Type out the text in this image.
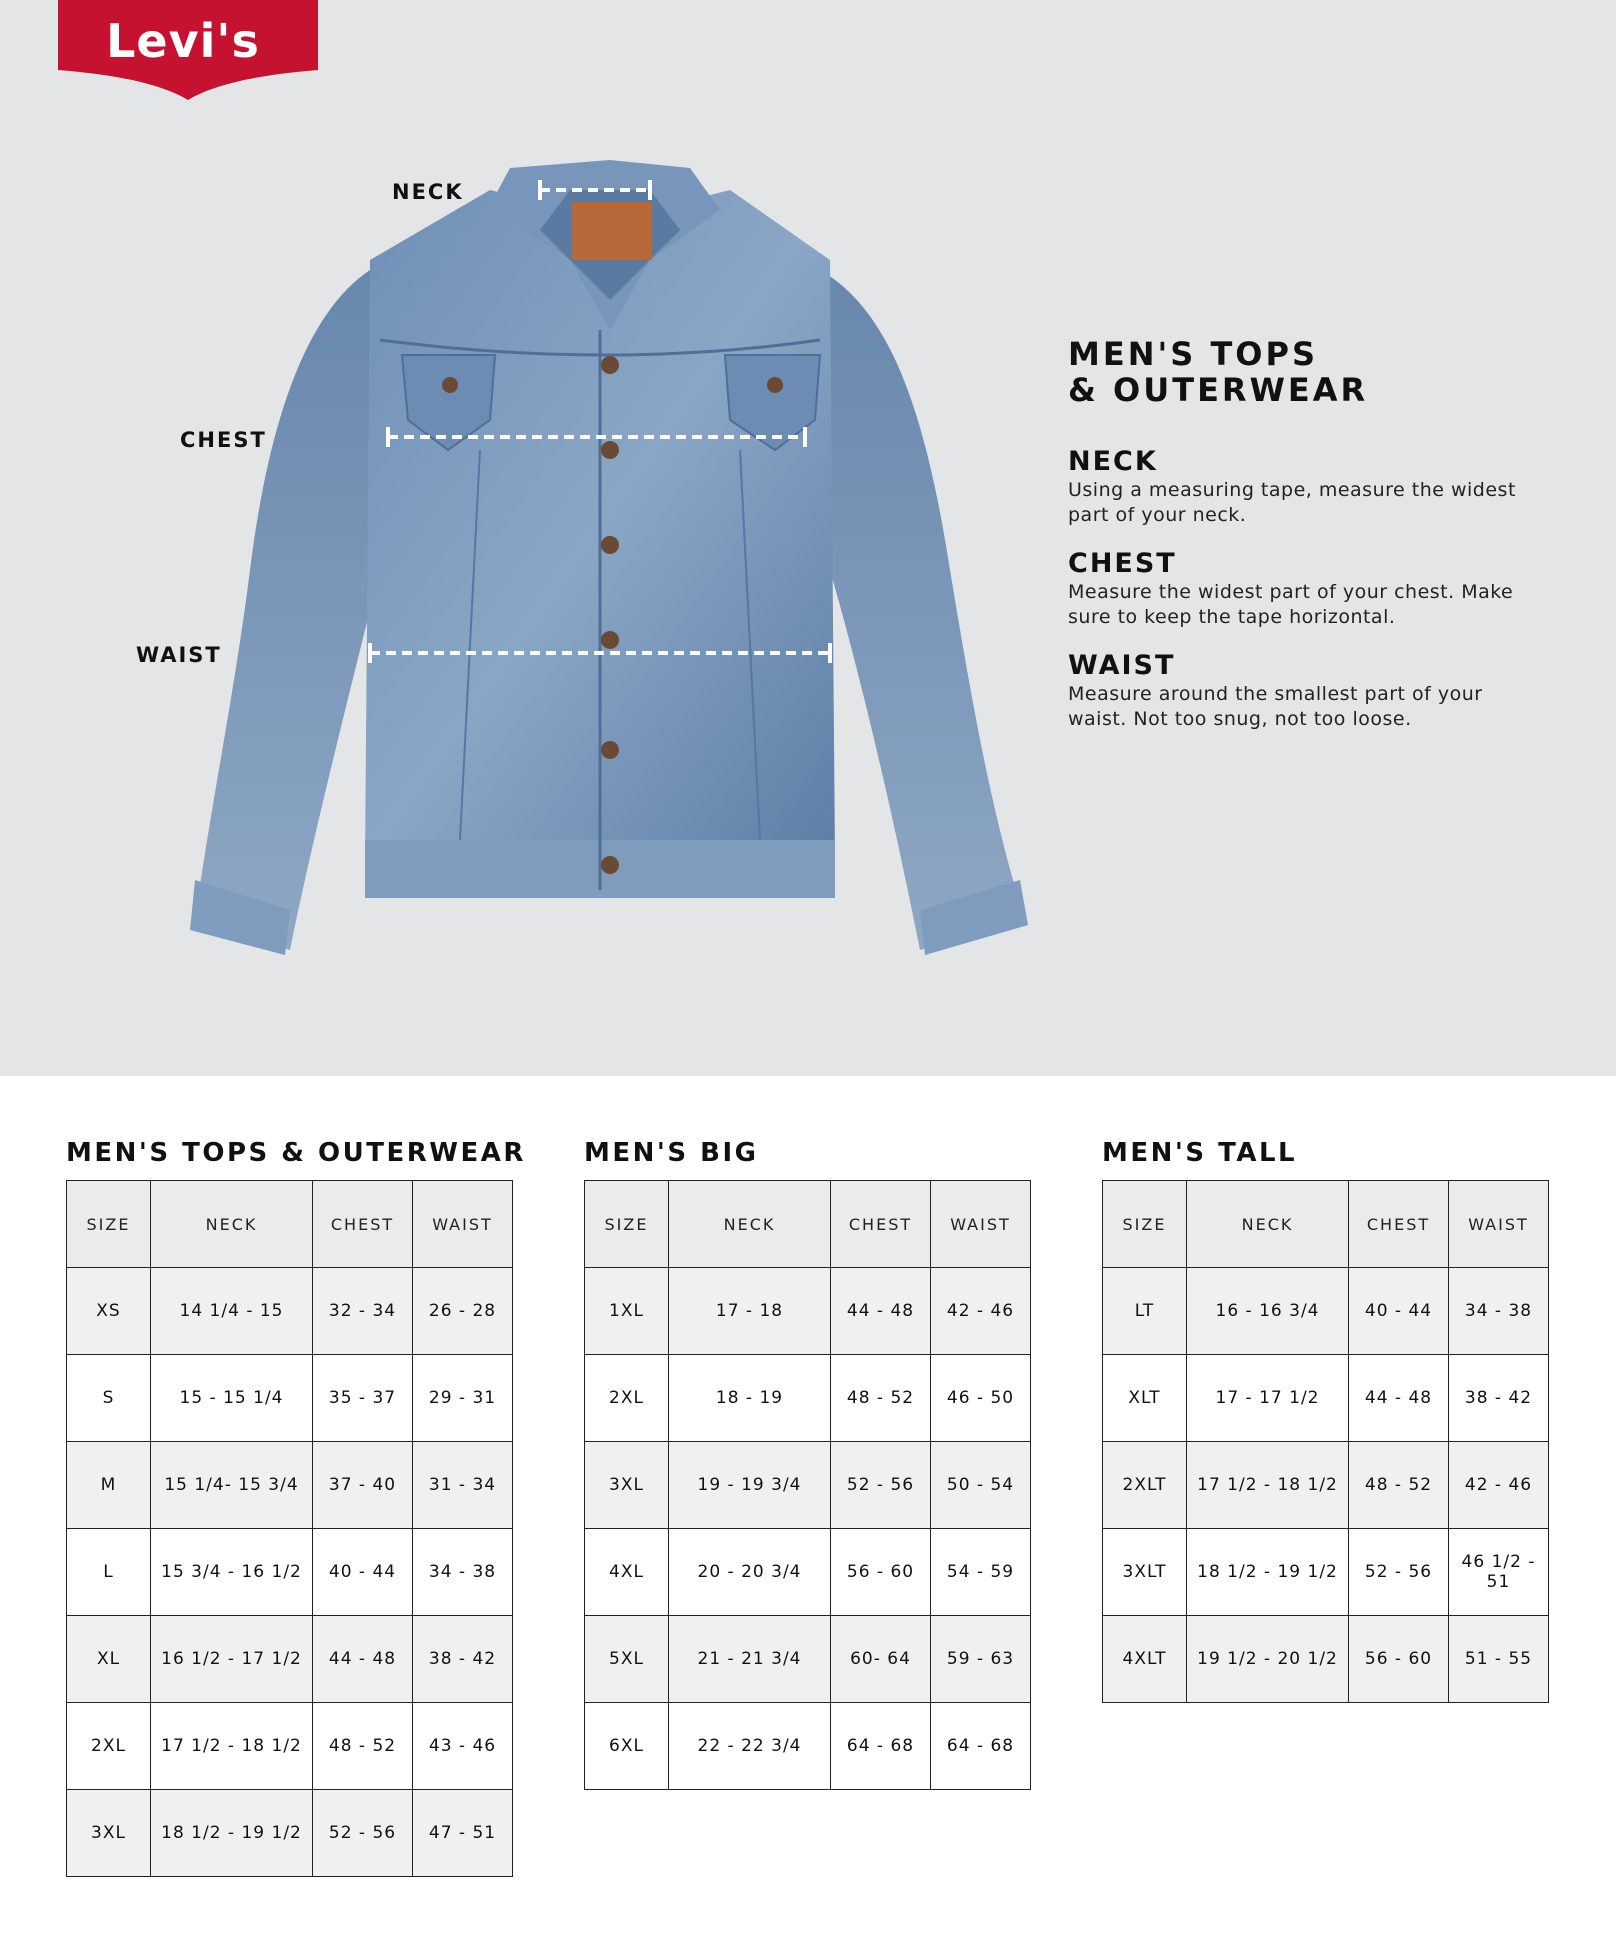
Levi's
NECK
CHEST
WAIST
MEN'S TOPS
& OUTERWEAR
NECK
Using a measuring tape, measure the widest part of your neck.
CHEST
Measure the widest part of your chest. Make sure to keep the tape horizontal.
WAIST
Measure around the smallest part of your waist. Not too snug, not too loose.
MEN'S TOPS & OUTERWEAR
SIZE	NECK	CHEST	WAIST
XS	14 1/4 - 15	32 - 34	26 - 28
S	15 - 15 1/4	35 - 37	29 - 31
M	15 1/4- 15 3/4	37 - 40	31 - 34
L	15 3/4 - 16 1/2	40 - 44	34 - 38
XL	16 1/2 - 17 1/2	44 - 48	38 - 42
2XL	17 1/2 - 18 1/2	48 - 52	43 - 46
3XL	18 1/2 - 19 1/2	52 - 56	47 - 51
MEN'S BIG
SIZE	NECK	CHEST	WAIST
1XL	17 - 18	44 - 48	42 - 46
2XL	18 - 19	48 - 52	46 - 50
3XL	19 - 19 3/4	52 - 56	50 - 54
4XL	20 - 20 3/4	56 - 60	54 - 59
5XL	21 - 21 3/4	60- 64	59 - 63
6XL	22 - 22 3/4	64 - 68	64 - 68
MEN'S TALL
SIZE	NECK	CHEST	WAIST
LT	16 - 16 3/4	40 - 44	34 - 38
XLT	17 - 17 1/2	44 - 48	38 - 42
2XLT	17 1/2 - 18 1/2	48 - 52	42 - 46
3XLT	18 1/2 - 19 1/2	52 - 56	46 1/2 - 51
4XLT	19 1/2 - 20 1/2	56 - 60	51 - 55
